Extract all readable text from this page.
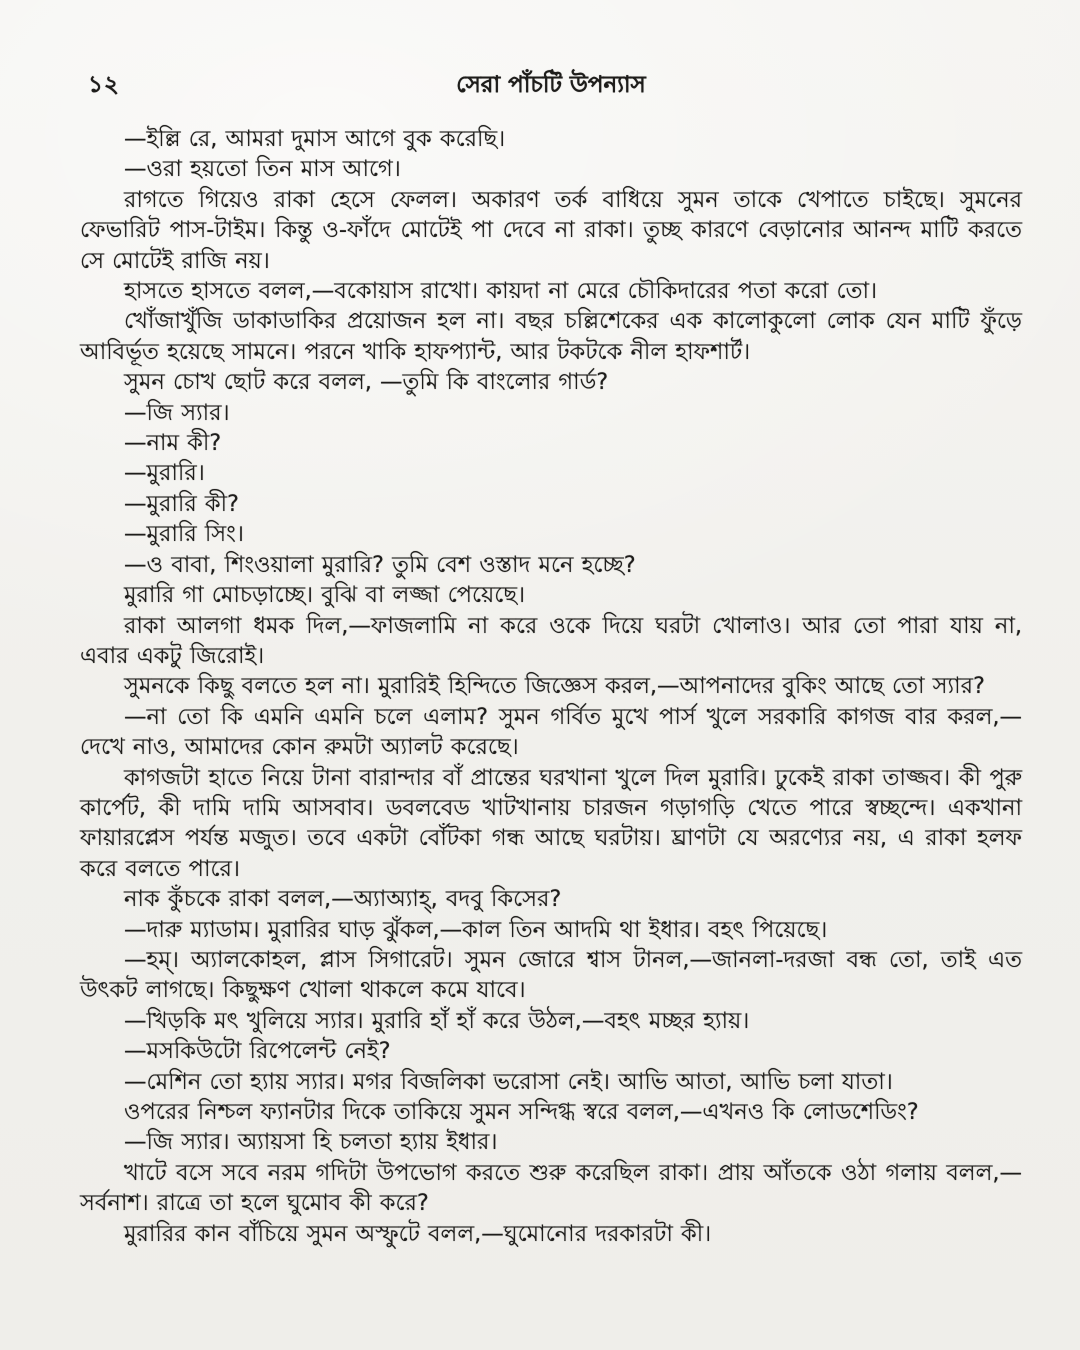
১২	সেরা পাঁচটি উপন্যাস

—ইল্লি রে, আমরা দুমাস আগে বুক করেছি।

—ওরা হয়তো তিন মাস আগে।

রাগতে গিয়েও রাকা হেসে ফেলল। অকারণ তর্ক বাধিয়ে সুমন তাকে খেপাতে চাইছে। সুমনের ফেভারিট পাস-টাইম। কিন্তু ও-ফাঁদে মোটেই পা দেবে না রাকা। তুচ্ছ কারণে বেড়ানোর আনন্দ মাটি করতে সে মোটেই রাজি নয়।

হাসতে হাসতে বলল,—বকোয়াস রাখো। কায়দা না মেরে চৌকিদারের পতা করো তো।

খোঁজাখুঁজি ডাকাডাকির প্রয়োজন হল না। বছর চল্লিশেকের এক কালোকুলো লোক যেন মাটি ফুঁড়ে আবির্ভূত হয়েছে সামনে। পরনে খাকি হাফপ্যান্ট, আর টকটকে নীল হাফশার্ট।

সুমন চোখ ছোট করে বলল, —তুমি কি বাংলোর গার্ড?

—জি স্যার।

—নাম কী?

—মুরারি।

—মুরারি কী?

—মুরারি সিং।

—ও বাবা, শিংওয়ালা মুরারি? তুমি বেশ ওস্তাদ মনে হচ্ছে?

মুরারি গা মোচড়াচ্ছে। বুঝি বা লজ্জা পেয়েছে।

রাকা আলগা ধমক দিল,—ফাজলামি না করে ওকে দিয়ে ঘরটা খোলাও। আর তো পারা যায় না, এবার একটু জিরোই।

সুমনকে কিছু বলতে হল না। মুরারিই হিন্দিতে জিজ্ঞেস করল,—আপনাদের বুকিং আছে তো স্যার?

—না তো কি এমনি এমনি চলে এলাম? সুমন গর্বিত মুখে পার্স খুলে সরকারি কাগজ বার করল,—দেখে নাও, আমাদের কোন রুমটা অ্যালট করেছে।

কাগজটা হাতে নিয়ে টানা বারান্দার বাঁ প্রান্তের ঘরখানা খুলে দিল মুরারি। ঢুকেই রাকা তাজ্জব। কী পুরু কার্পেট, কী দামি দামি আসবাব। ডবলবেড খাটখানায় চারজন গড়াগড়ি খেতে পারে স্বচ্ছন্দে। একখানা ফায়ারপ্লেস পর্যন্ত মজুত। তবে একটা বোঁটকা গন্ধ আছে ঘরটায়। ঘ্রাণটা যে অরণ্যের নয়, এ রাকা হলফ করে বলতে পারে।

নাক কুঁচকে রাকা বলল,—অ্যাঅ্যাহ্, বদবু কিসের?

—দারু ম্যাডাম। মুরারির ঘাড় ঝুঁকল,—কাল তিন আদমি থা ইধার। বহৎ পিয়েছে।

—হম্। অ্যালকোহল, প্লাস সিগারেট। সুমন জোরে শ্বাস টানল,—জানলা-দরজা বন্ধ তো, তাই এত উৎকট লাগছে। কিছুক্ষণ খোলা থাকলে কমে যাবে।

—খিড়কি মৎ খুলিয়ে স্যার। মুরারি হাঁ হাঁ করে উঠল,—বহৎ মচ্ছর হ্যায়।

—মসকিউটো রিপেলেন্ট নেই?

—মেশিন তো হ্যায় স্যার। মগর বিজলিকা ভরোসা নেই। আভি আতা, আভি চলা যাতা।

ওপরের নিশ্চল ফ্যানটার দিকে তাকিয়ে সুমন সন্দিগ্ধ স্বরে বলল,—এখনও কি লোডশেডিং?

—জি স্যার। অ্যায়সা হি চলতা হ্যায় ইধার।

খাটে বসে সবে নরম গদিটা উপভোগ করতে শুরু করেছিল রাকা। প্রায় আঁতকে ওঠা গলায় বলল,—সর্বনাশ। রাত্রে তা হলে ঘুমোব কী করে?

মুরারির কান বাঁচিয়ে সুমন অস্ফুটে বলল,—ঘুমোনোর দরকারটা কী।
